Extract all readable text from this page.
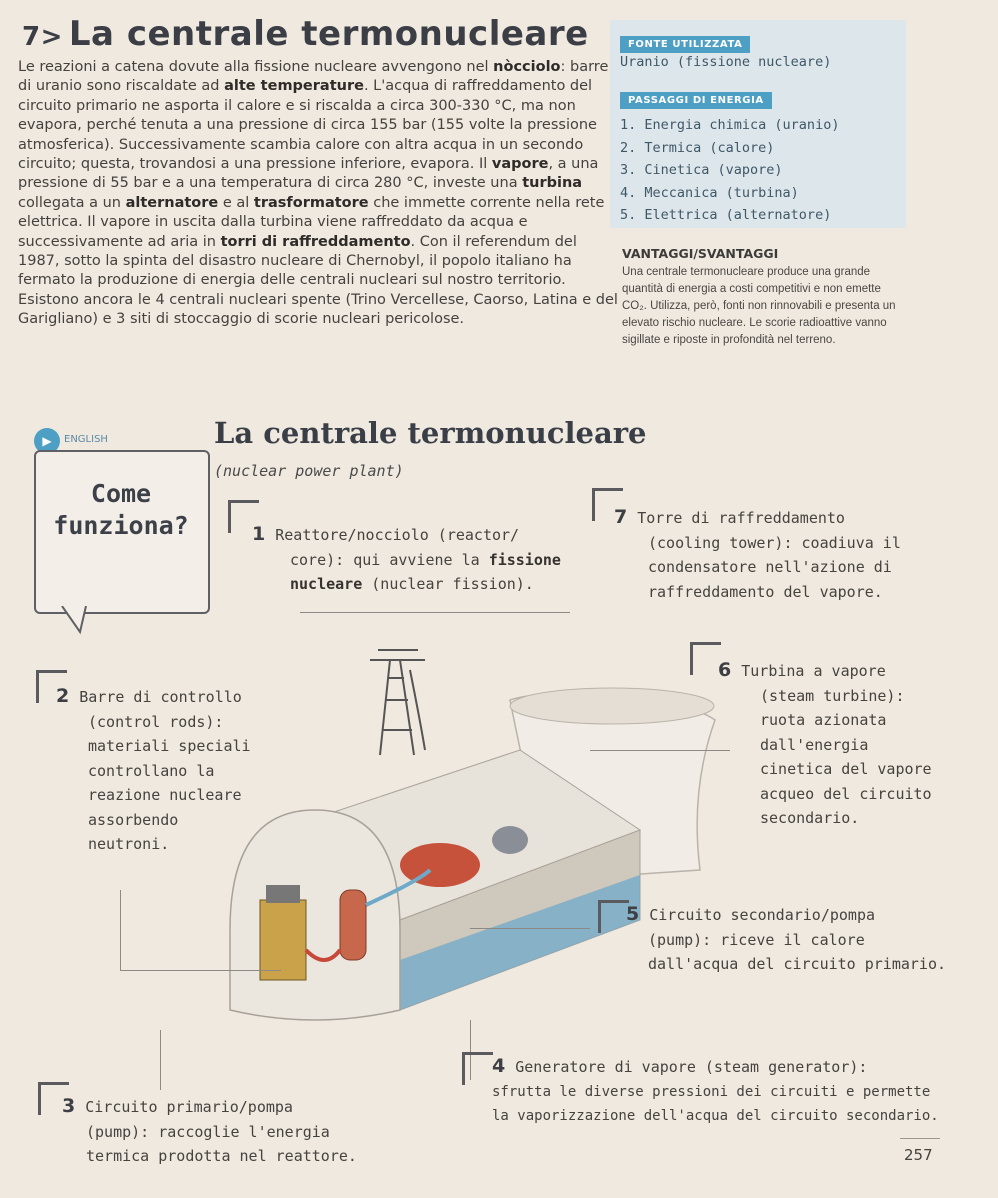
7> La centrale termonucleare

Le reazioni a catena dovute alla fissione nucleare avvengono nel nòcciolo: barre di uranio sono riscaldate ad alte temperature. L'acqua di raffreddamento del circuito primario ne asporta il calore e si riscalda a circa 300-330 °C, ma non evapora, perché tenuta a una pressione di circa 155 bar (155 volte la pressione atmosferica). Successivamente scambia calore con altra acqua in un secondo circuito; questa, trovandosi a una pressione inferiore, evapora. Il vapore, a una pressione di 55 bar e a una temperatura di circa 280 °C, investe una turbina collegata a un alternatore e al trasformatore che immette corrente nella rete elettrica. Il vapore in uscita dalla turbina viene raffreddato da acqua e successivamente ad aria in torri di raffreddamento. Con il referendum del 1987, sotto la spinta del disastro nucleare di Chernobyl, il popolo italiano ha fermato la produzione di energia delle centrali nucleari sul nostro territorio. Esistono ancora le 4 centrali nucleari spente (Trino Vercellese, Caorso, Latina e del Garigliano) e 3 siti di stoccaggio di scorie nucleari pericolose.

FONTE UTILIZZATA
Uranio (fissione nucleare)
PASSAGGI DI ENERGIA
1. Energia chimica (uranio)
2. Termica (calore)
3. Cinetica (vapore)
4. Meccanica (turbina)
5. Elettrica (alternatore)
VANTAGGI/SVANTAGGI

Una centrale termonucleare produce una grande quantità di energia a costi competitivi e non emette CO₂. Utilizza, però, fonti non rinnovabili e presenta un elevato rischio nucleare. Le scorie radioattive vanno sigillate e riposte in profondità nel terreno.

▶	ENGLISH
Come
funziona?
La centrale termonucleare
(nuclear power plant)
1 Reattore/nocciolo (reactor/
core): qui avviene la fissione
nucleare (nuclear fission).
7 Torre di raffreddamento
(cooling tower): coadiuva il
condensatore nell'azione di
raffreddamento del vapore.
2 Barre di controllo
(control rods):
materiali speciali
controllano la
reazione nucleare
assorbendo
neutroni.
6 Turbina a vapore
(steam turbine):
ruota azionata
dall'energia
cinetica del vapore
acqueo del circuito
secondario.
5 Circuito secondario/pompa
(pump): riceve il calore
dall'acqua del circuito primario.
4 Generatore di vapore (steam generator):
sfrutta le diverse pressioni dei circuiti e permette
la vaporizzazione dell'acqua del circuito secondario.
3 Circuito primario/pompa
(pump): raccoglie l'energia
termica prodotta nel reattore.	257
